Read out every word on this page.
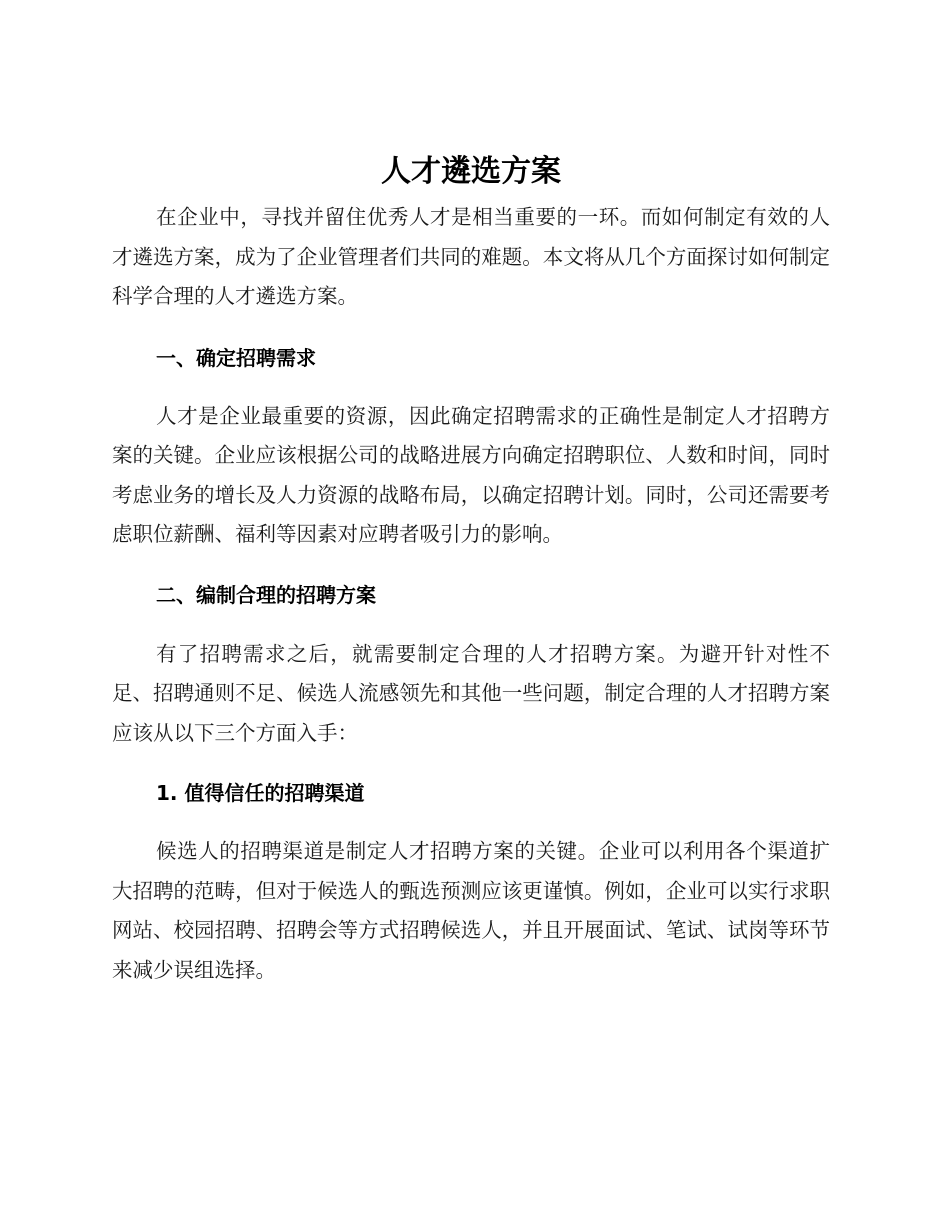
人才遴选方案

在企业中，寻找并留住优秀人才是相当重要的一环。而如何制定有效的人才遴选方案，成为了企业管理者们共同的难题。本文将从几个方面探讨如何制定科学合理的人才遴选方案。

一、确定招聘需求

人才是企业最重要的资源，因此确定招聘需求的正确性是制定人才招聘方案的关键。企业应该根据公司的战略进展方向确定招聘职位、人数和时间，同时考虑业务的增长及人力资源的战略布局，以确定招聘计划。同时，公司还需要考虑职位薪酬、福利等因素对应聘者吸引力的影响。

二、编制合理的招聘方案

有了招聘需求之后，就需要制定合理的人才招聘方案。为避开针对性不足、招聘通则不足、候选人流感领先和其他一些问题，制定合理的人才招聘方案应该从以下三个方面入手：

1. 值得信任的招聘渠道

候选人的招聘渠道是制定人才招聘方案的关键。企业可以利用各个渠道扩大招聘的范畴，但对于候选人的甄选预测应该更谨慎。例如，企业可以实行求职网站、校园招聘、招聘会等方式招聘候选人，并且开展面试、笔试、试岗等环节来减少误组选择。
